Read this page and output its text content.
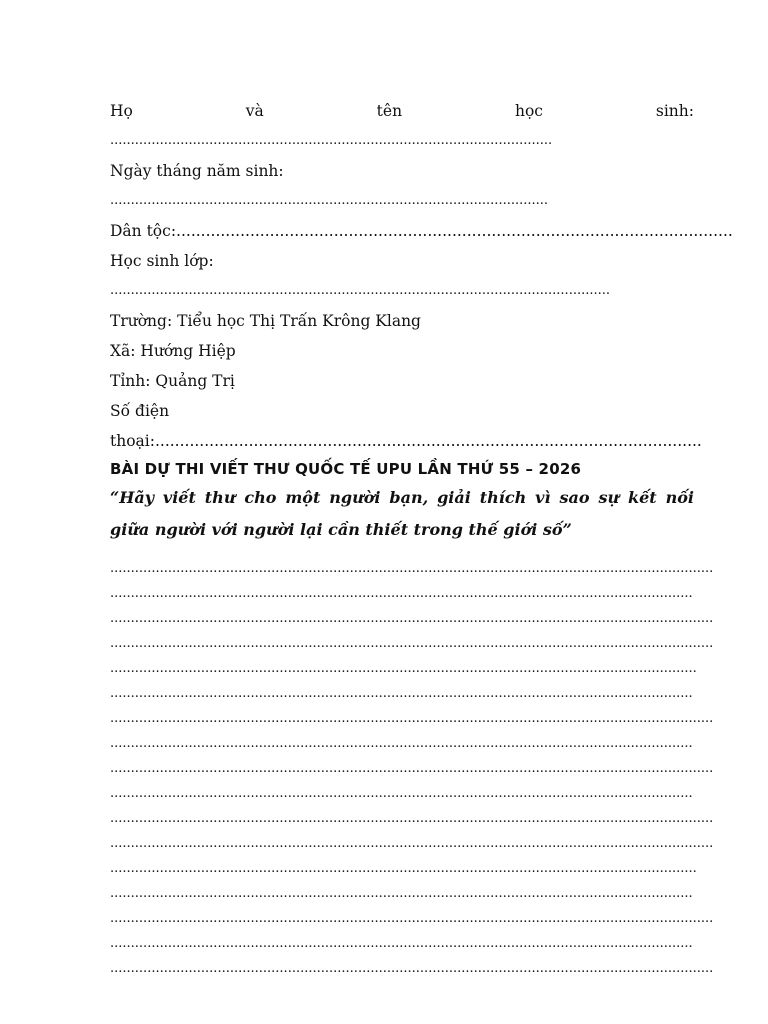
Họ	và	tên	học	sinh:
...........................................................................................................
Ngày tháng năm sinh:
..........................................................................................................
Dân tộc:.................................................................................................................
Học sinh lớp:
.........................................................................................................................
Trường: Tiểu học Thị Trấn Krông Klang
Xã: Hướng Hiệp
Tỉnh: Quảng Trị
Số điện
thoại:...............................................................................................................
BÀI DỰ THI VIẾT THƯ QUỐC TẾ UPU LẦN THỨ 55 – 2026
“Hãy viết thư cho một người bạn, giải thích vì sao sự kết nối giữa người với người lại cần thiết trong thế giới số”
..................................................................................................................................................
.............................................................................................................................................
..................................................................................................................................................
..................................................................................................................................................
..............................................................................................................................................
.............................................................................................................................................
..................................................................................................................................................
.............................................................................................................................................
..................................................................................................................................................
.............................................................................................................................................
..................................................................................................................................................
..................................................................................................................................................
..............................................................................................................................................
.............................................................................................................................................
..................................................................................................................................................
.............................................................................................................................................
..................................................................................................................................................
